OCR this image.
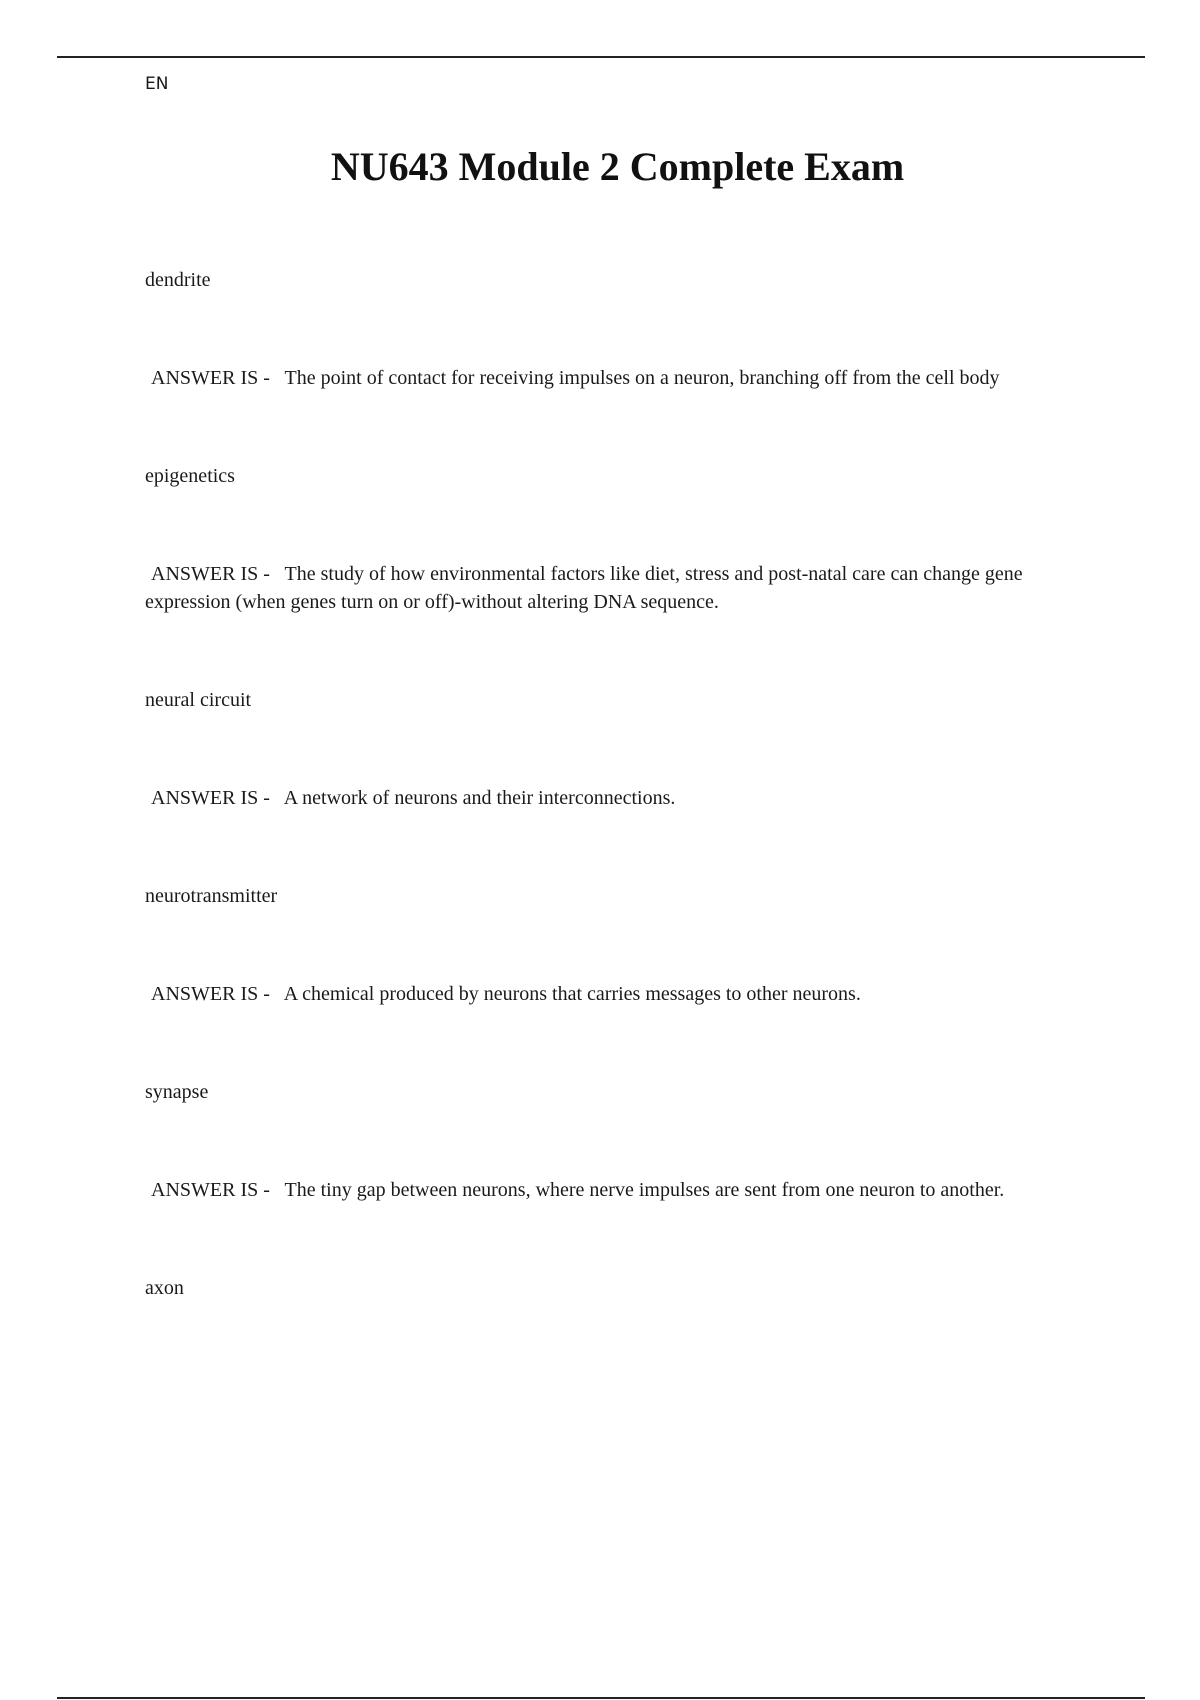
EN
NU643 Module 2 Complete Exam

dendrite

ANSWER IS - The point of contact for receiving impulses on a neuron, branching off from the cell body

epigenetics

ANSWER IS - The study of how environmental factors like diet, stress and post-natal care can change gene expression (when genes turn on or off)-without altering DNA sequence.

neural circuit

ANSWER IS - A network of neurons and their interconnections.

neurotransmitter

ANSWER IS - A chemical produced by neurons that carries messages to other neurons.

synapse

ANSWER IS - The tiny gap between neurons, where nerve impulses are sent from one neuron to another.

axon
